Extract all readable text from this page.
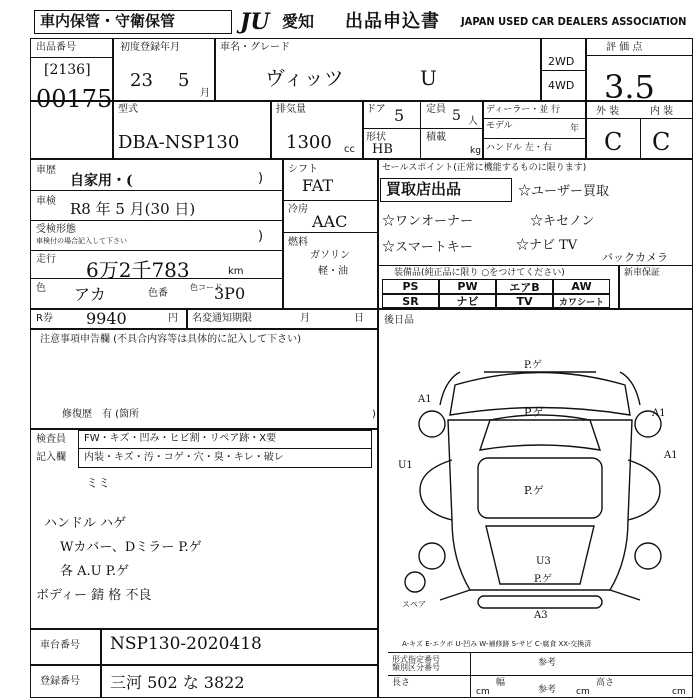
車内保管・守衛保管	JU 愛知 出品申込書 JAPAN USED CAR DEALERS ASSOCIATION
出品番号
[2136]
00175
初度登録年月
23 5
月
車名・グレード
ヴィッツ	U
2WD
4WD
評 価 点
3.5
外 装	内 装
C C
型式
DBA-NSP130
排気量
1300 cc
ドア 5 定員 5 人
形状
HB
積載
kg
ディーラー・並 行
モデル	年
ハンドル 左・右
車歴
自家用・(	)
車検 R8 年 5 月(30 日)
受検形態
車検付の場合記入して下さい	)
走行 6万2千783	km
色 アカ	色番
色コード
3P0
シフト
FAT
冷房
AAC
燃料
ガソリン
軽・油
セールスポイント(正常に機能するものに限ります)
買取店出品	☆ユーザー買取
☆ワンオーナー	☆キセノン
☆スマートキー	☆ナビ TV
バックカメラ
装備品(純正品に限り ○をつけてください)	新車保証
PS	PW	エアB	AW
SR	ナビ	TV	カワシート
R券 9940	円 名変通知期限	月	日
注意事項申告欄 (不具合内容等は具体的に記入して下さい)
修復歴　有 (箇所	)
検査員
記入欄
FW・キズ・凹み・ヒビ割・リペア跡・X要
内装・キズ・汚・コゲ・穴・臭・キレ・破レ
ミミ
ハンドル ハゲ
Wカバー、Dミラー P.ゲ
各 A.U P.ゲ
ボディー 錆 格 不良
後日品
P.ゲ
P.ゲ
P.ゲ
A1
A1
U1
A1
U3
P.ゲ
A3
スペア
A-キズ E-エクボ U-凹み W-補修跡 S-サビ C-腐食 XX-交換済
車台番号 NSP130-2020418
登録番号 三河 502 な 3822
形式指定番号
類別区分番号	参考
参考
長さ	幅	高さ
cm	cm	cm
